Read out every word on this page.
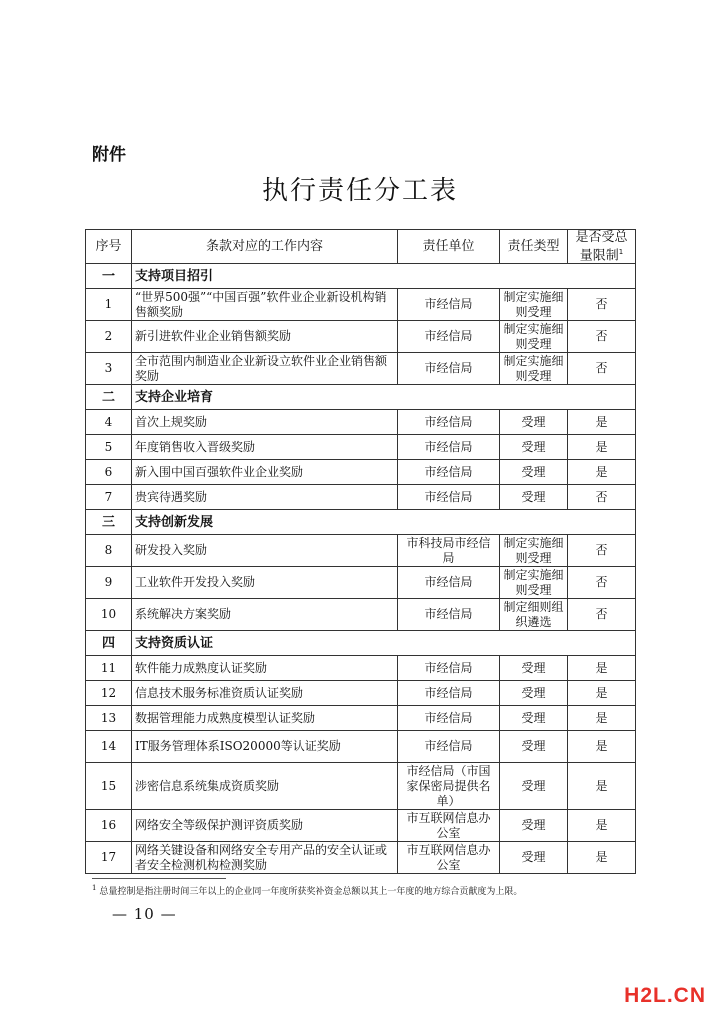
附件
执行责任分工表
序号	条款对应的工作内容	责任单位	责任类型	是否受总量限制$^1$
一	支持项目招引			
1	“世界500强”“中国百强”软件业企业新设机构销售额奖励	市经信局	制定实施细则受理	否
2	新引进软件业企业销售额奖励	市经信局	制定实施细则受理	否
3	全市范围内制造业企业新设立软件业企业销售额奖励	市经信局	制定实施细则受理	否
二	支持企业培育			
4	首次上规奖励	市经信局	受理	是
5	年度销售收入晋级奖励	市经信局	受理	是
6	新入围中国百强软件业企业奖励	市经信局	受理	是
7	贵宾待遇奖励	市经信局	受理	否
三	支持创新发展			
8	研发投入奖励	市科技局市经信局	制定实施细则受理	否
9	工业软件开发投入奖励	市经信局	制定实施细则受理	否
10	系统解决方案奖励	市经信局	制定细则组织遴选	否
四	支持资质认证			
11	软件能力成熟度认证奖励	市经信局	受理	是
12	信息技术服务标准资质认证奖励	市经信局	受理	是
13	数据管理能力成熟度模型认证奖励	市经信局	受理	是
14	IT服务管理体系ISO20000等认证奖励	市经信局	受理	是
15	涉密信息系统集成资质奖励	市经信局（市国家保密局提供名单）	受理	是
16	网络安全等级保护测评资质奖励	市互联网信息办公室	受理	是
17	网络关键设备和网络安全专用产品的安全认证或者安全检测机构检测奖励	市互联网信息办公室	受理	是
$^1$ 总量控制是指注册时间三年以上的企业同一年度所获奖补资金总额以其上一年度的地方综合贡献度为上限。
— 10 —
H2L.CN
